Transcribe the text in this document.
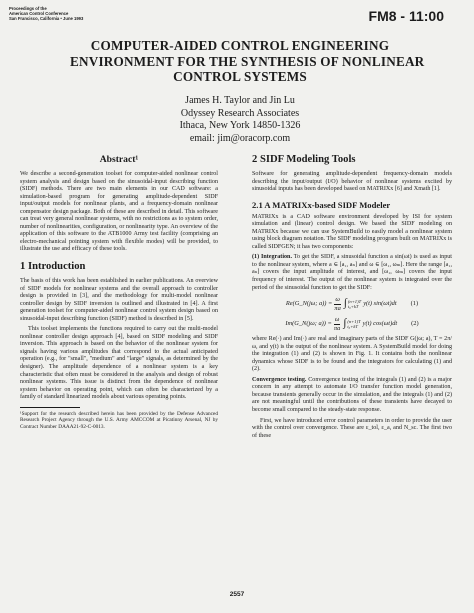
Proceedings of the
American Control Conference
San Francisco, California • June 1993	FM8 - 11:00
COMPUTER-AIDED CONTROL ENGINEERING
ENVIRONMENT FOR THE SYNTHESIS OF NONLINEAR
CONTROL SYSTEMS
James H. Taylor and Jin Lu
Odyssey Research Associates
Ithaca, New York 14850-1326
email: jim@oracorp.com
Abstract¹

We describe a second-generation toolset for computer-aided nonlinear control system analysis and design based on the sinusoidal-input describing function (SIDF) methods. There are two main elements in our CAD software: a simulation-based program for generating amplitude-dependent SIDF input/output models for nonlinear plants, and a frequency-domain nonlinear compensator design package. Both of these are described in detail. This software can treat very general nonlinear systems, with no restrictions as to system order, number of nonlinearities, configuration, or nonlinearity type. An overview of the application of this software to the ATB1000 Army test facility (comprising an electro-mechanical pointing system with flexible modes) will be provided, to illustrate the use and efficacy of these tools.

1 Introduction

The basis of this work has been established in earlier publications. An overview of SIDF models for nonlinear systems and the overall approach to controller design is provided in [3], and the methodology for multi-model nonlinear controller design by SIDF inversion is outlined and illustrated in [4]. A first generation toolset for computer-aided nonlinear control system design based on sinusoidal-input describing function (SIDF) method is described in [5].

This toolset implements the functions required to carry out the multi-model nonlinear controller design approach [4], based on SIDF modeling and SIDF inversion. This approach is based on the behavior of the nonlinear system for signals having various amplitudes that correspond to the actual anticipated operation (e.g., for "small", "medium" and "large" signals, as determined by the designer). The amplitude dependence of a nonlinear system is a key characteristic that often must be considered in the analysis and design of robust nonlinear systems. This issue is distinct from the dependence of nonlinear system behavior on operating point, which can often be characterized by a family of standard linearized models about various operating points.

¹Support for the research described herein has been provided by the Defense Advanced Research Project Agency through the U.S. Army AMCCOM at Picatinny Arsenal, NJ by Contract Number DAAA21-92-C-0013.

2 SIDF Modeling Tools

Software for generating amplitude-dependent frequency-domain models describing the input/output (I/O) behavior of nonlinear systems excited by sinusoidal inputs has been developed based on MATRIXx [6] and Xmath [1].

2.1 A MATRIXx-based SIDF Modeler

MATRIXx is a CAD software environment developed by ISI for system simulation and (linear) control design. We based the SIDF modeling on MATRIXx because we can use SystemBuild to easily model a nonlinear system using block diagram notation. The SIDF modeling program built on MATRIXx is called SIDFGEN; it has two components:

(1) Integration. To get the SIDF, a sinusoidal function a sin(ωt) is used as input to the nonlinear system, where a ∈ [a₁, aₙ] and ω ∈ [ω₁, ωₘ]. Here the range [a₁, aₙ] covers the input amplitude of interest, and [ω₁, ωₘ] covers the input frequency of interest. The output of the nonlinear system is integrated over the period of the sinusoidal function to get the SIDF:

Re(G_N(jω; $a)) = \frac{\omega}{\pi a}$ ∫ (n+1)T
t₀+kT y(t) sin(ωt)dt (1)
Im(G_N(jω; $a)) = \frac{\omega}{\pi a}$ ∫ (n+1)T
t₀+kT y(t) cos(ωt)dt (2)

where Re(·) and Im(·) are real and imaginary parts of the SIDF G(jω; a), T = 2π/ω, and y(t) is the output of the nonlinear system. A SystemBuild model for doing the integration (1) and (2) is shown in Fig. 1. It contains both the nonlinear dynamics whose SIDF is to be found and the integrators for calculating (1) and (2).

Convergence testing. Convergence testing of the integrals (1) and (2) is a major concern in any attempt to automate I/O transfer function model generation, because transients generally occur in the simulation, and the integrals (1) and (2) are not meaningful until the contributions of these transients have decayed to become small compared to the steady-state response.

First, we have introduced error control parameters in order to provide the user with the control over convergence. These are ε_tol, ε_a, and N_sc. The first two of these

2557
